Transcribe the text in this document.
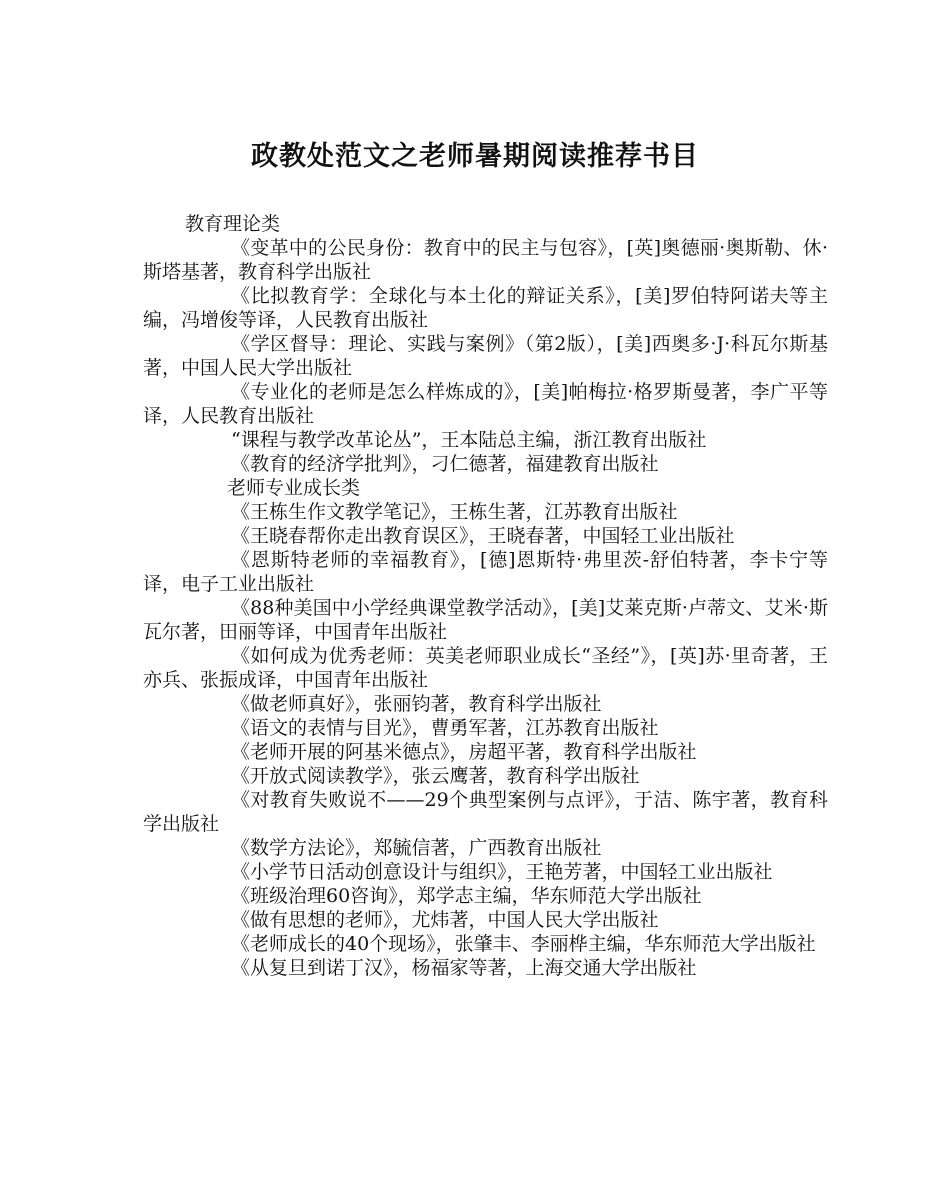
政教处范文之老师暑期阅读推荐书目

教育理论类

《变革中的公民身份：教育中的民主与包容》，[英]奥德丽·奥斯勒、休·斯塔基著，教育科学出版社

《比拟教育学：全球化与本土化的辩证关系》，[美]罗伯特阿诺夫等主编，冯增俊等译，人民教育出版社

《学区督导：理论、实践与案例》（第2版），[美]西奥多·J·科瓦尔斯基著，中国人民大学出版社

《专业化的老师是怎么样炼成的》，[美]帕梅拉·格罗斯曼著，李广平等译，人民教育出版社

“课程与教学改革论丛”，王本陆总主编，浙江教育出版社

《教育的经济学批判》，刁仁德著，福建教育出版社

老师专业成长类

《王栋生作文教学笔记》，王栋生著，江苏教育出版社

《王晓春帮你走出教育误区》，王晓春著，中国轻工业出版社

《恩斯特老师的幸福教育》，[德]恩斯特·弗里茨-舒伯特著，李卡宁等译，电子工业出版社

《88种美国中小学经典课堂教学活动》，[美]艾莱克斯·卢蒂文、艾米·斯瓦尔著，田丽等译，中国青年出版社

《如何成为优秀老师：英美老师职业成长“圣经”》，[英]苏·里奇著，王亦兵、张振成译，中国青年出版社

《做老师真好》，张丽钧著，教育科学出版社

《语文的表情与目光》，曹勇军著，江苏教育出版社

《老师开展的阿基米德点》，房超平著，教育科学出版社

《开放式阅读教学》，张云鹰著，教育科学出版社

《对教育失败说不——29个典型案例与点评》，于洁、陈宇著，教育科学出版社

《数学方法论》，郑毓信著，广西教育出版社

《小学节日活动创意设计与组织》，王艳芳著，中国轻工业出版社

《班级治理60咨询》，郑学志主编，华东师范大学出版社

《做有思想的老师》，尤炜著，中国人民大学出版社

《老师成长的40个现场》，张肇丰、李丽桦主编，华东师范大学出版社

《从复旦到诺丁汉》，杨福家等著，上海交通大学出版社
